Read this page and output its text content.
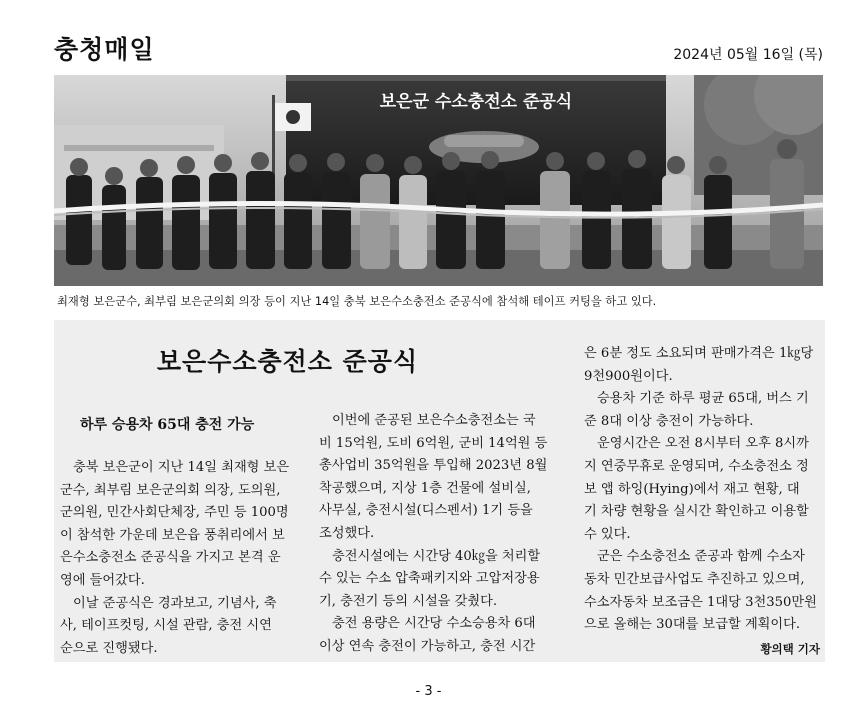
충청매일	2024년 05월 16일 (목)
보은군 수소충전소 준공식
최재형 보은군수, 최부림 보은군의회 의장 등이 지난 14일 충북 보은수소충전소 준공식에 참석해 테이프 커팅을 하고 있다.
보은수소충전소 준공식
하루 승용차 65대 충전 가능
충북 보은군이 지난 14일 최재형 보은
군수, 최부림 보은군의회 의장, 도의원,
군의원, 민간사회단체장, 주민 등 100명
이 참석한 가운데 보은읍 풍취리에서 보
은수소충전소 준공식을 가지고 본격 운
영에 들어갔다.
이날 준공식은 경과보고, 기념사, 축
사, 테이프컷팅, 시설 관람, 충전 시연
순으로 진행됐다.
이번에 준공된 보은수소충전소는 국
비 15억원, 도비 6억원, 군비 14억원 등
총사업비 35억원을 투입해 2023년 8월
착공했으며, 지상 1층 건물에 설비실,
사무실, 충전시설(디스펜서) 1기 등을
조성했다.
충전시설에는 시간당 40㎏을 처리할
수 있는 수소 압축패키지와 고압저장용
기, 충전기 등의 시설을 갖췄다.
충전 용량은 시간당 수소승용차 6대
이상 연속 충전이 가능하고, 충전 시간
은 6분 정도 소요되며 판매가격은 1㎏당
9천900원이다.
승용차 기준 하루 평균 65대, 버스 기
준 8대 이상 충전이 가능하다.
운영시간은 오전 8시부터 오후 8시까
지 연중무휴로 운영되며, 수소충전소 정
보 앱 하잉(Hying)에서 재고 현황, 대
기 차량 현황을 실시간 확인하고 이용할
수 있다.
군은 수소충전소 준공과 함께 수소자
동차 민간보급사업도 추진하고 있으며,
수소자동차 보조금은 1대당 3천350만원
으로 올해는 30대를 보급할 계획이다.
황의택 기자
- 3 -
